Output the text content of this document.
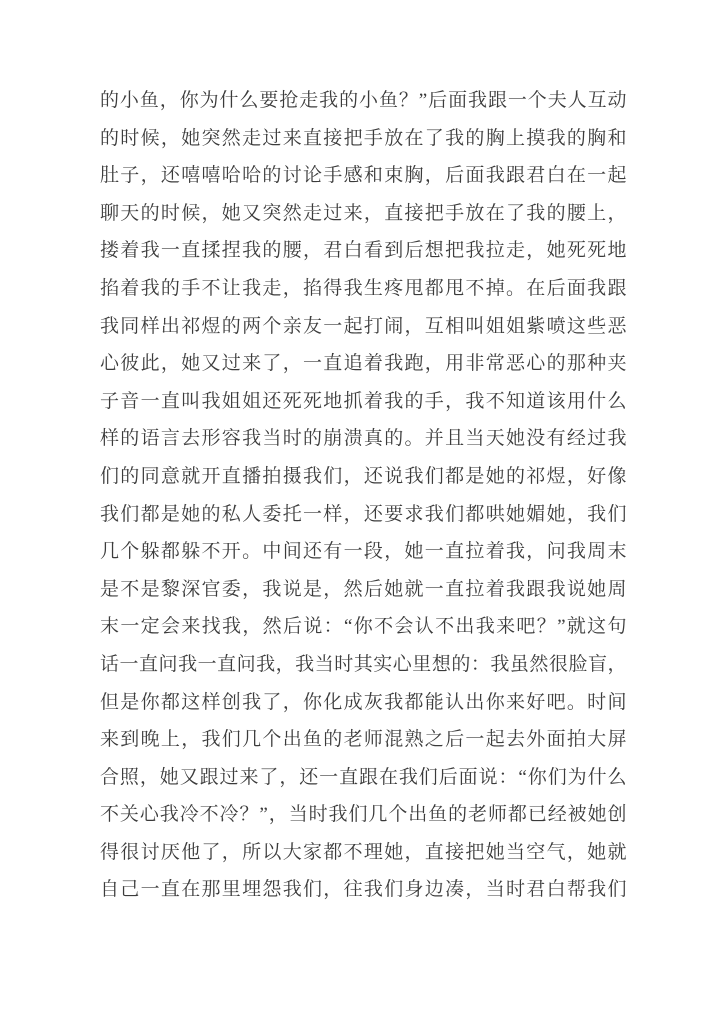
的小鱼，你为什么要抢走我的小鱼？”后面我跟一个夫人互动
的时候，她突然走过来直接把手放在了我的胸上摸我的胸和
肚子，还嘻嘻哈哈的讨论手感和束胸，后面我跟君白在一起
聊天的时候，她又突然走过来，直接把手放在了我的腰上，
搂着我一直揉捏我的腰，君白看到后想把我拉走，她死死地
掐着我的手不让我走，掐得我生疼甩都甩不掉。在后面我跟
我同样出祁煜的两个亲友一起打闹，互相叫姐姐紫喷这些恶
心彼此，她又过来了，一直追着我跑，用非常恶心的那种夹
子音一直叫我姐姐还死死地抓着我的手，我不知道该用什么
样的语言去形容我当时的崩溃真的。并且当天她没有经过我
们的同意就开直播拍摄我们，还说我们都是她的祁煜，好像
我们都是她的私人委托一样，还要求我们都哄她媚她，我们
几个躲都躲不开。中间还有一段，她一直拉着我，问我周末
是不是黎深官委，我说是，然后她就一直拉着我跟我说她周
末一定会来找我，然后说：“你不会认不出我来吧？”就这句
话一直问我一直问我，我当时其实心里想的：我虽然很脸盲，
但是你都这样创我了，你化成灰我都能认出你来好吧。时间
来到晚上，我们几个出鱼的老师混熟之后一起去外面拍大屏
合照，她又跟过来了，还一直跟在我们后面说：“你们为什么
不关心我冷不冷？”，当时我们几个出鱼的老师都已经被她创
得很讨厌他了，所以大家都不理她，直接把她当空气，她就
自己一直在那里埋怨我们，往我们身边凑，当时君白帮我们
